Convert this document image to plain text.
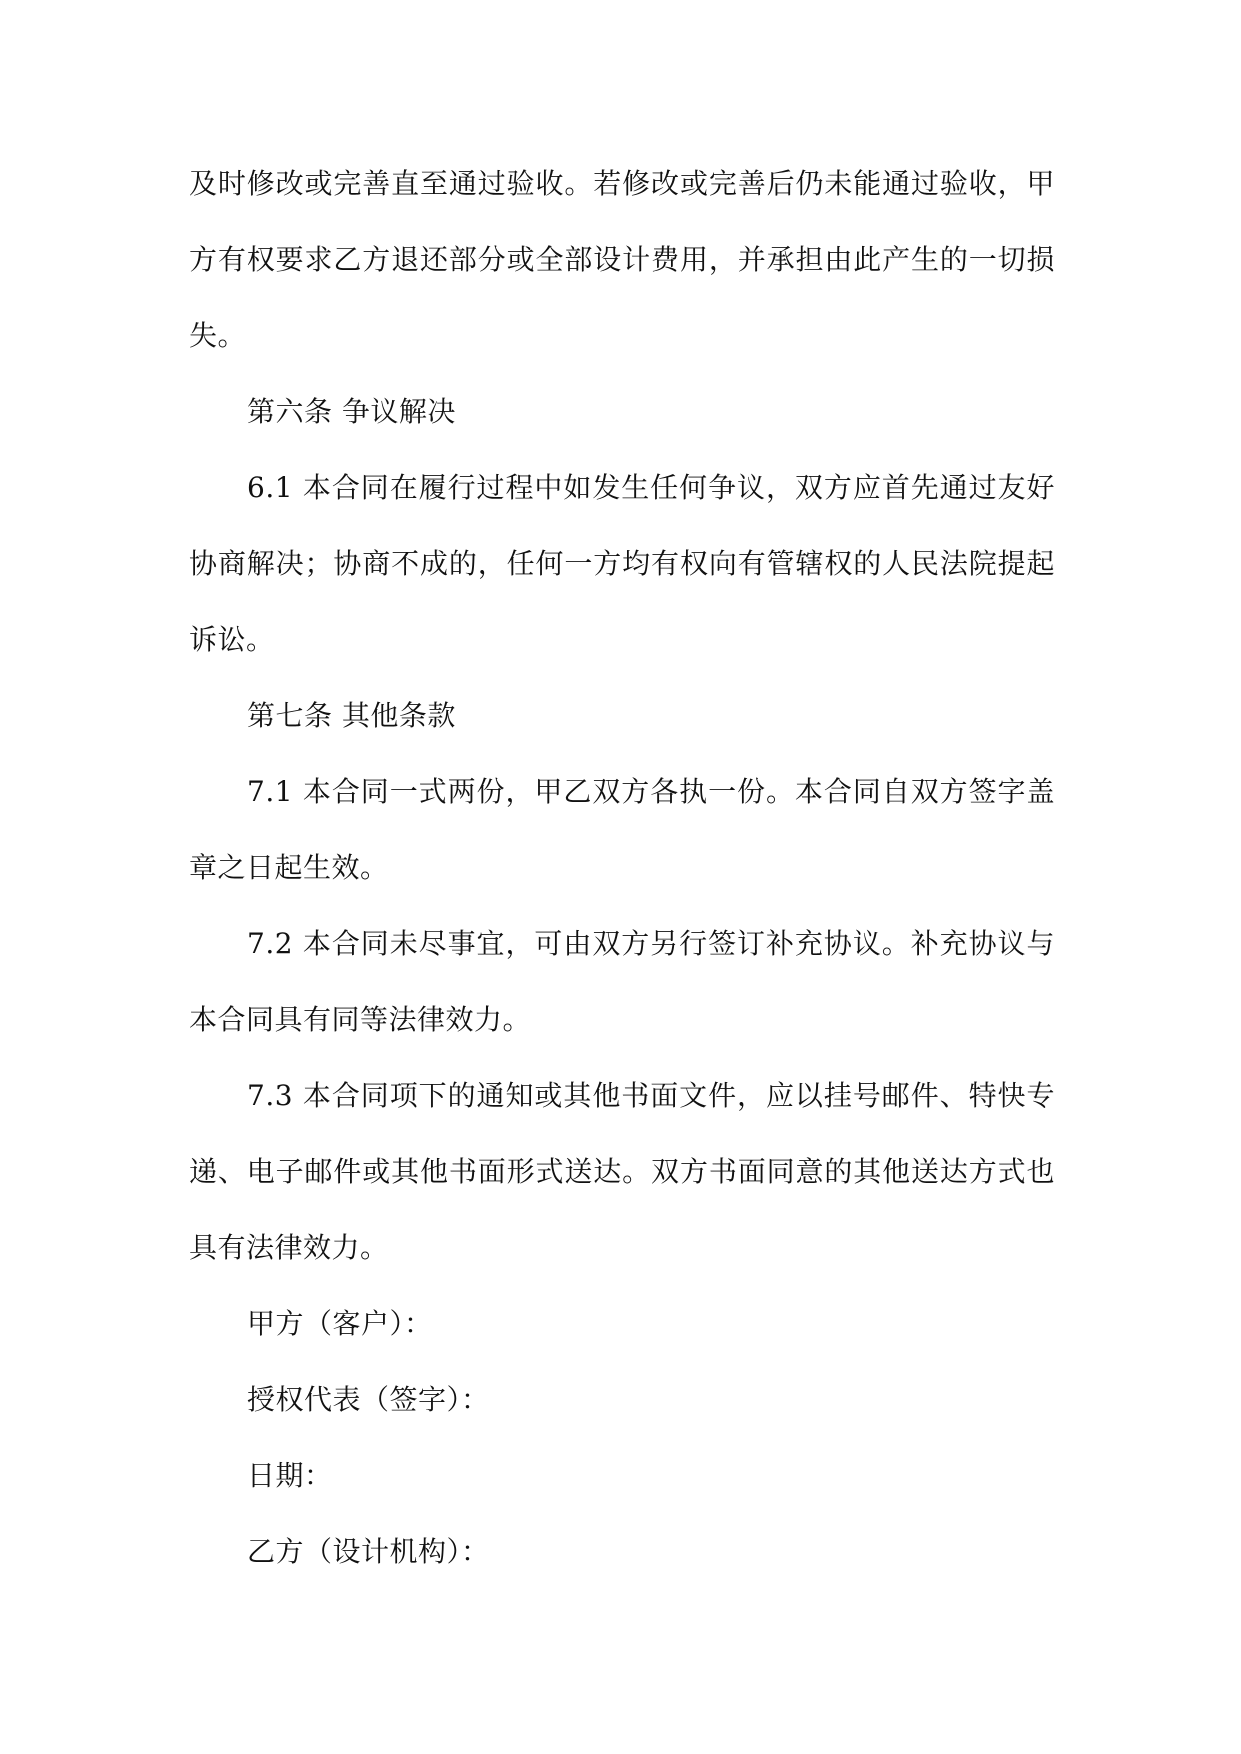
及时修改或完善直至通过验收。若修改或完善后仍未能通过验收，甲方有权要求乙方退还部分或全部设计费用，并承担由此产生的一切损失。

第六条 争议解决

6.1 本合同在履行过程中如发生任何争议，双方应首先通过友好协商解决；协商不成的，任何一方均有权向有管辖权的人民法院提起诉讼。

第七条 其他条款

7.1 本合同一式两份，甲乙双方各执一份。本合同自双方签字盖章之日起生效。

7.2 本合同未尽事宜，可由双方另行签订补充协议。补充协议与本合同具有同等法律效力。

7.3 本合同项下的通知或其他书面文件，应以挂号邮件、特快专递、电子邮件或其他书面形式送达。双方书面同意的其他送达方式也具有法律效力。

甲方（客户）：

授权代表（签字）：

日期：

乙方（设计机构）：
